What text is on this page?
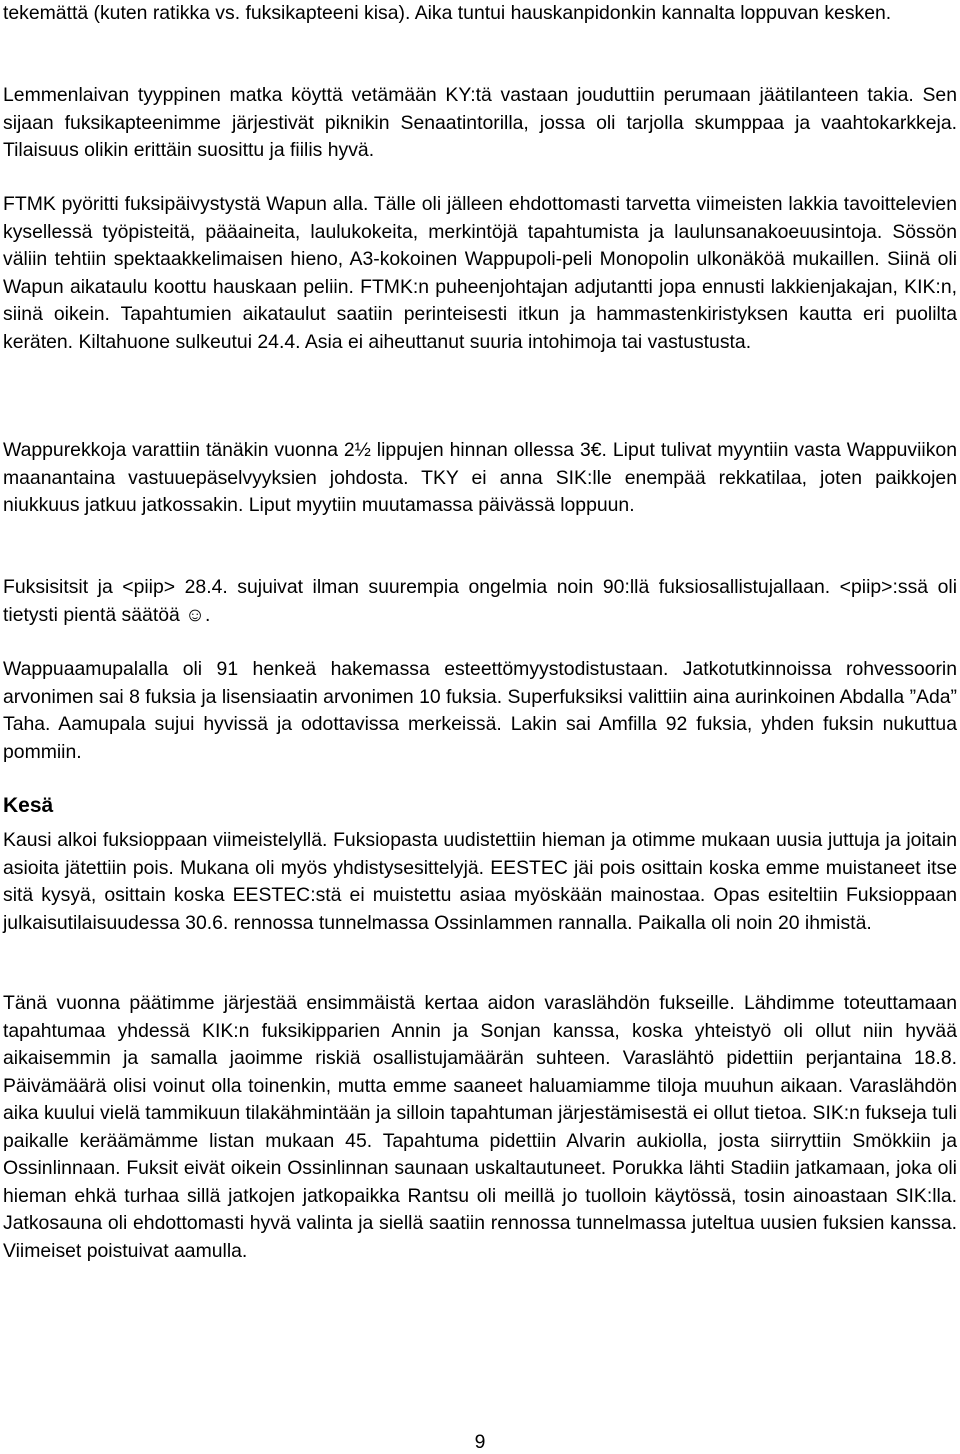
tekemättä (kuten ratikka vs. fuksikapteeni kisa). Aika tuntui hauskanpidonkin kannalta loppuvan kesken.

Lemmenlaivan tyyppinen matka köyttä vetämään KY:tä vastaan jouduttiin perumaan jäätilanteen takia. Sen sijaan fuksikapteenimme järjestivät piknikin Senaatintorilla, jossa oli tarjolla skumppaa ja vaahtokarkkeja. Tilaisuus olikin erittäin suosittu ja fiilis hyvä.

FTMK pyöritti fuksipäivystystä Wapun alla. Tälle oli jälleen ehdottomasti tarvetta viimeisten lakkia tavoittelevien kysellessä työpisteitä, pääaineita, laulukokeita, merkintöjä tapahtumista ja laulunsanakoeuusintoja. Sössön väliin tehtiin spektaakkelimaisen hieno, A3-kokoinen Wappupoli-peli Monopolin ulkonäköä mukaillen. Siinä oli Wapun aikataulu koottu hauskaan peliin. FTMK:n puheenjohtajan adjutantti jopa ennusti lakkienjakajan, KIK:n, siinä oikein. Tapahtumien aikataulut saatiin perinteisesti itkun ja hammastenkiristyksen kautta eri puolilta keräten. Kiltahuone sulkeutui 24.4. Asia ei aiheuttanut suuria intohimoja tai vastustusta.

Wappurekkoja varattiin tänäkin vuonna 2½ lippujen hinnan ollessa 3€. Liput tulivat myyntiin vasta Wappuviikon maanantaina vastuuepäselvyyksien johdosta. TKY ei anna SIK:lle enempää rekkatilaa, joten paikkojen niukkuus jatkuu jatkossakin. Liput myytiin muutamassa päivässä loppuun.

Fuksisitsit ja <piip> 28.4. sujuivat ilman suurempia ongelmia noin 90:llä fuksiosallistujallaan. <piip>:ssä oli tietysti pientä säätöä ☺.

Wappuaamupalalla oli 91 henkeä hakemassa esteettömyystodistustaan. Jatkotutkinnoissa rohvessoorin arvonimen sai 8 fuksia ja lisensiaatin arvonimen 10 fuksia. Superfuksiksi valittiin aina aurinkoinen Abdalla ”Ada” Taha. Aamupala sujui hyvissä ja odottavissa merkeissä. Lakin sai Amfilla 92 fuksia, yhden fuksin nukuttua pommiin.

Kesä

Kausi alkoi fuksioppaan viimeistelyllä. Fuksiopasta uudistettiin hieman ja otimme mukaan uusia juttuja ja joitain asioita jätettiin pois. Mukana oli myös yhdistysesittelyjä. EESTEC jäi pois osittain koska emme muistaneet itse sitä kysyä, osittain koska EESTEC:stä ei muistettu asiaa myöskään mainostaa. Opas esiteltiin Fuksioppaan julkaisutilaisuudessa 30.6. rennossa tunnelmassa Ossinlammen rannalla. Paikalla oli noin 20 ihmistä.

Tänä vuonna päätimme järjestää ensimmäistä kertaa aidon varaslähdön fukseille. Lähdimme toteuttamaan tapahtumaa yhdessä KIK:n fuksikipparien Annin ja Sonjan kanssa, koska yhteistyö oli ollut niin hyvää aikaisemmin ja samalla jaoimme riskiä osallistujamäärän suhteen. Varaslähtö pidettiin perjantaina 18.8. Päivämäärä olisi voinut olla toinenkin, mutta emme saaneet haluamiamme tiloja muuhun aikaan. Varaslähdön aika kuului vielä tammikuun tilakähmintään ja silloin tapahtuman järjestämisestä ei ollut tietoa. SIK:n fukseja tuli paikalle keräämämme listan mukaan 45. Tapahtuma pidettiin Alvarin aukiolla, josta siirryttiin Smökkiin ja Ossinlinnaan. Fuksit eivät oikein Ossinlinnan saunaan uskaltautuneet. Porukka lähti Stadiin jatkamaan, joka oli hieman ehkä turhaa sillä jatkojen jatkopaikka Rantsu oli meillä jo tuolloin käytössä, tosin ainoastaan SIK:lla. Jatkosauna oli ehdottomasti hyvä valinta ja siellä saatiin rennossa tunnelmassa juteltua uusien fuksien kanssa. Viimeiset poistuivat aamulla.

9
